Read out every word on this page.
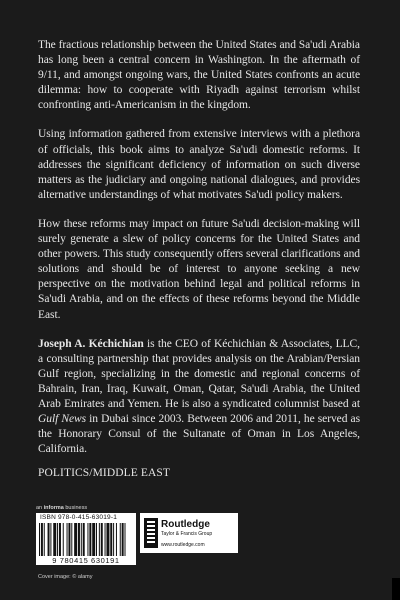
The fractious relationship between the United States and Sa'udi Arabia has long been a central concern in Washington. In the aftermath of 9/11, and amongst ongoing wars, the United States confronts an acute dilemma: how to cooperate with Riyadh against terrorism whilst confronting anti-Americanism in the kingdom.

Using information gathered from extensive interviews with a plethora of officials, this book aims to analyze Sa'udi domestic reforms. It addresses the significant deficiency of information on such diverse matters as the judiciary and ongoing national dialogues, and provides alternative understandings of what motivates Sa'udi policy makers.

How these reforms may impact on future Sa'udi decision-making will surely generate a slew of policy concerns for the United States and other powers. This study consequently offers several clarifications and solutions and should be of interest to anyone seeking a new perspective on the motivation behind legal and political reforms in Sa'udi Arabia, and on the effects of these reforms beyond the Middle East.

Joseph A. Kéchichian is the CEO of Kéchichian & Associates, LLC, a consulting partnership that provides analysis on the Arabian/Persian Gulf region, specializing in the domestic and regional concerns of Bahrain, Iran, Iraq, Kuwait, Oman, Qatar, Sa'udi Arabia, the United Arab Emirates and Yemen. He is also a syndicated columnist based at Gulf News in Dubai since 2003. Between 2006 and 2011, he served as the Honorary Consul of the Sultanate of Oman in Los Angeles, California.

POLITICS/MIDDLE EAST
an informa business
ISBN 978-0-415-63019-1
9 780415 630191
Routledge
Taylor & Francis Group
www.routledge.com
Cover image: © alamy
